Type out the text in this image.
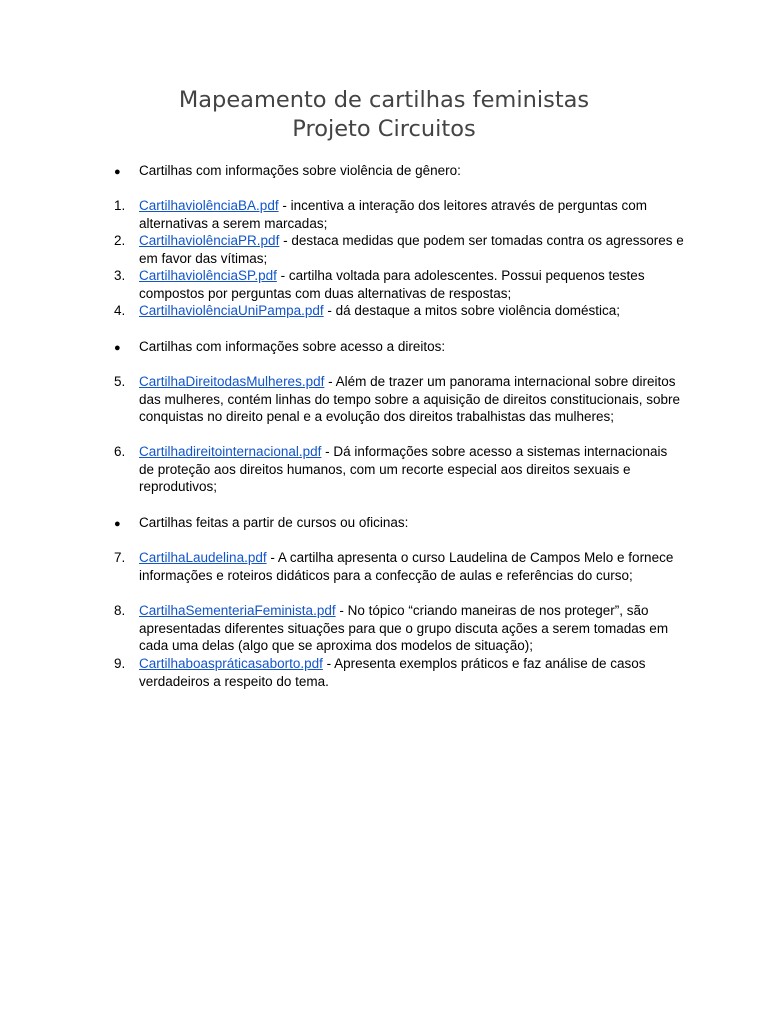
Mapeamento de cartilhas feministas
Projeto Circuitos
● Cartilhas com informações sobre violência de gênero:
1.	CartilhaviolênciaBA.pdf - incentiva a interação dos leitores através de perguntas com alternativas a serem marcadas;
2.	CartilhaviolênciaPR.pdf - destaca medidas que podem ser tomadas contra os agressores e em favor das vítimas;
3.	CartilhaviolênciaSP.pdf - cartilha voltada para adolescentes. Possui pequenos testes compostos por perguntas com duas alternativas de respostas;
4.	CartilhaviolênciaUniPampa.pdf - dá destaque a mitos sobre violência doméstica;
● Cartilhas com informações sobre acesso a direitos:
5.	CartilhaDireitodasMulheres.pdf - Além de trazer um panorama internacional sobre direitos das mulheres, contém linhas do tempo sobre a aquisição de direitos constitucionais, sobre conquistas no direito penal e a evolução dos direitos trabalhistas das mulheres;
6.	Cartilhadireitointernacional.pdf - Dá informações sobre acesso a sistemas internacionais de proteção aos direitos humanos, com um recorte especial aos direitos sexuais e reprodutivos;
● Cartilhas feitas a partir de cursos ou oficinas:
7.	CartilhaLaudelina.pdf - A cartilha apresenta o curso Laudelina de Campos Melo e fornece informações e roteiros didáticos para a confecção de aulas e referências do curso;
8.	CartilhaSementeriaFeminista.pdf - No tópico “criando maneiras de nos proteger”, são apresentadas diferentes situações para que o grupo discuta ações a serem tomadas em cada uma delas (algo que se aproxima dos modelos de situação);
9.	Cartilhaboaspráticasaborto.pdf - Apresenta exemplos práticos e faz análise de casos verdadeiros a respeito do tema.
